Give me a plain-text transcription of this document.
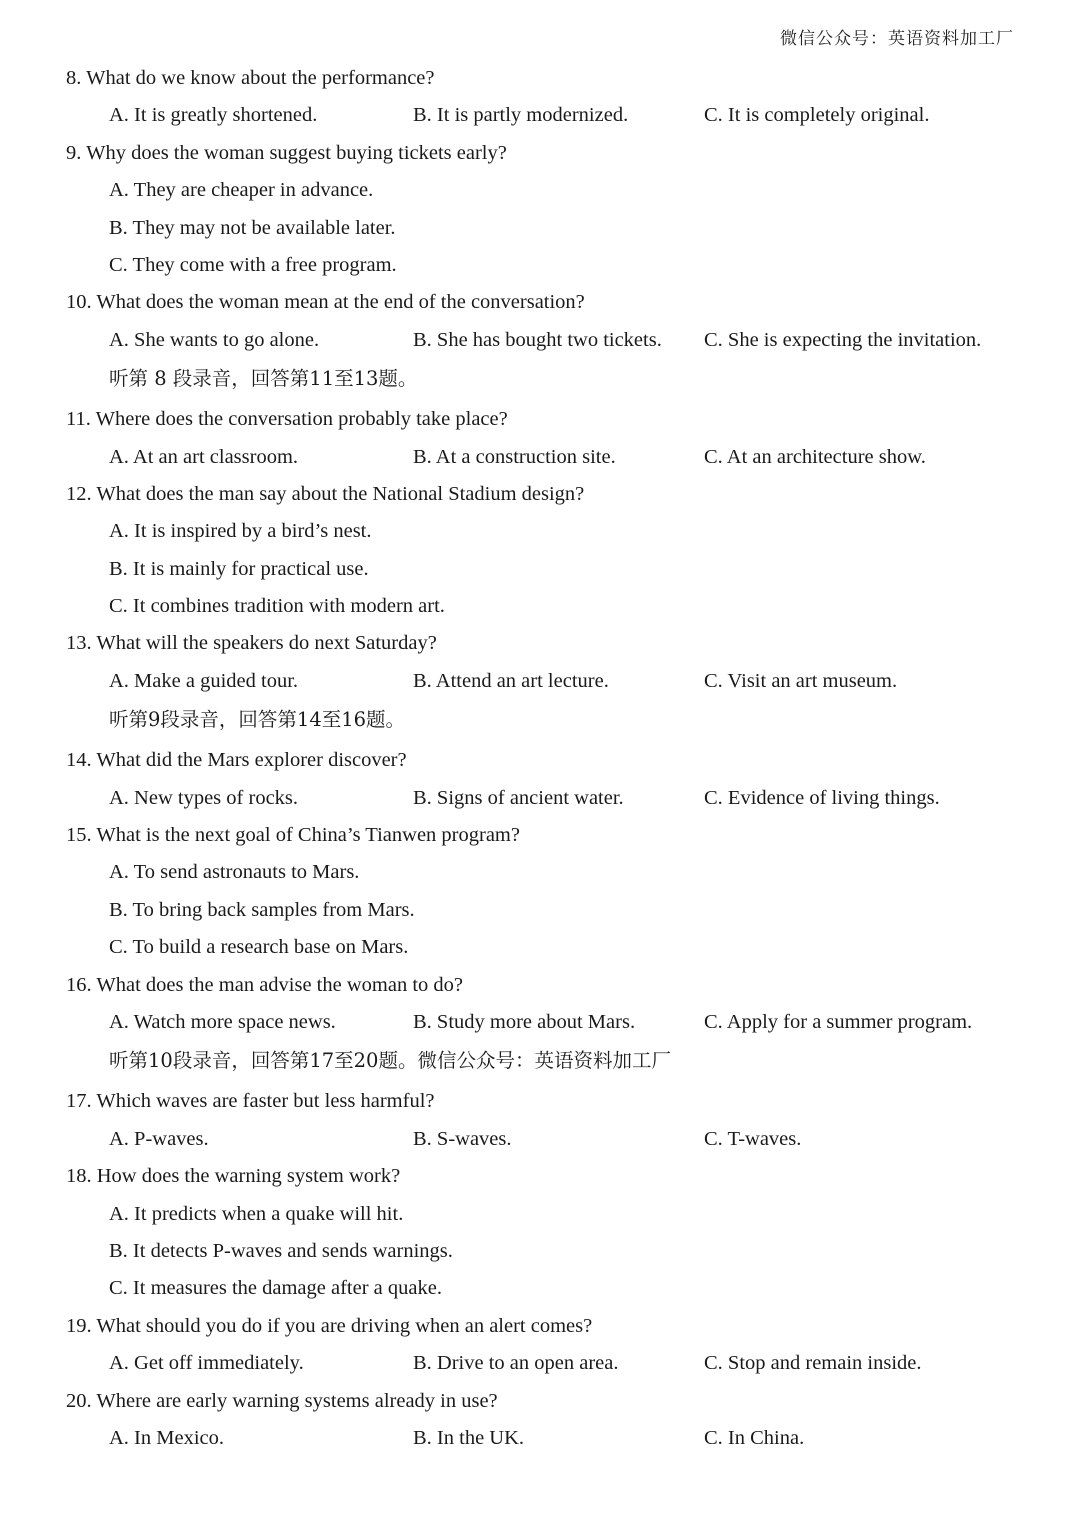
微信公众号：英语资料加工厂
8. What do we know about the performance?
A. It is greatly shortened.	B. It is partly modernized.	C. It is completely original.
9. Why does the woman suggest buying tickets early?
A. They are cheaper in advance.
B. They may not be available later.
C. They come with a free program.
10. What does the woman mean at the end of the conversation?
A. She wants to go alone.	B. She has bought two tickets. C. She is expecting the invitation.
听第 8 段录音，回答第11至13题。
11. Where does the conversation probably take place?
A. At an art classroom.	B. At a construction site.	C. At an architecture show.
12. What does the man say about the National Stadium design?
A. It is inspired by a bird’s nest.
B. It is mainly for practical use.
C. It combines tradition with modern art.
13. What will the speakers do next Saturday?
A. Make a guided tour.	B. Attend an art lecture.	C. Visit an art museum.
听第9段录音，回答第14至16题。
14. What did the Mars explorer discover?
A. New types of rocks.	B. Signs of ancient water.	C. Evidence of living things.
15. What is the next goal of China’s Tianwen program?
A. To send astronauts to Mars.
B. To bring back samples from Mars.
C. To build a research base on Mars.
16. What does the man advise the woman to do?
A. Watch more space news.	B. Study more about Mars.	C. Apply for a summer program.
听第10段录音，回答第17至20题。微信公众号：英语资料加工厂
17. Which waves are faster but less harmful?
A. P-waves.	B. S-waves.	C. T-waves.
18. How does the warning system work?
A. It predicts when a quake will hit.
B. It detects P-waves and sends warnings.
C. It measures the damage after a quake.
19. What should you do if you are driving when an alert comes?
A. Get off immediately.	B. Drive to an open area.	C. Stop and remain inside.
20. Where are early warning systems already in use?
A. In Mexico.	B. In the UK.	C. In China.
